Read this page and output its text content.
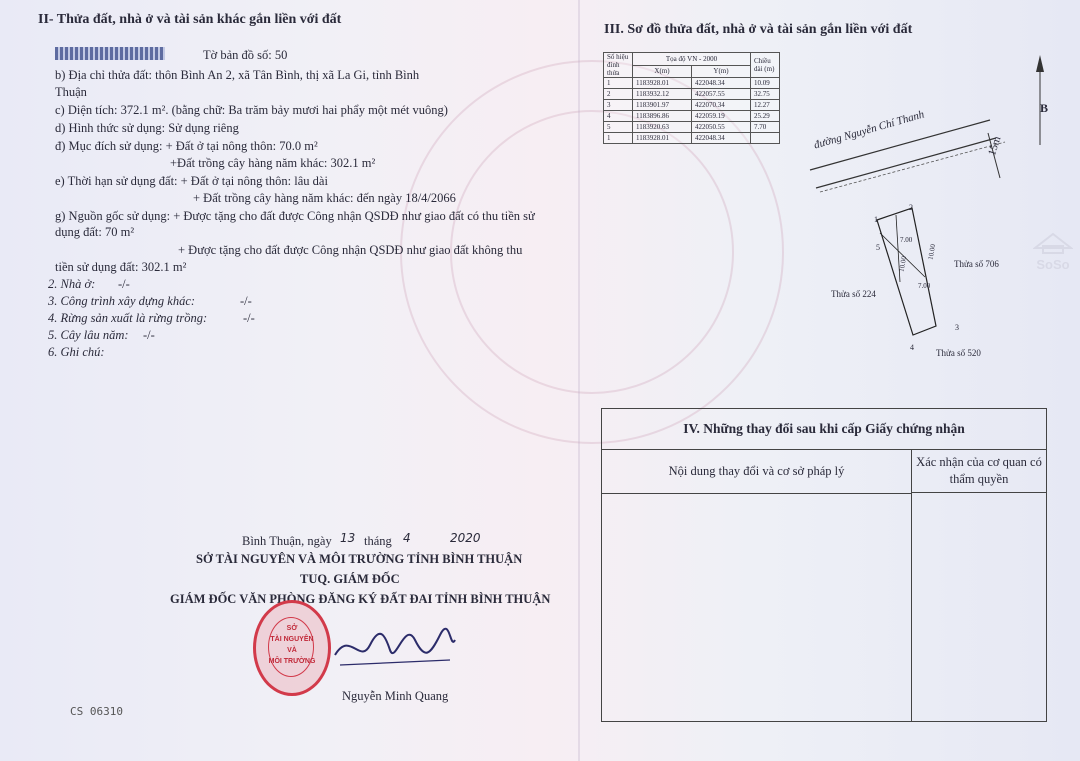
II- Thửa đất, nhà ở và tài sản khác gắn liền với đất
Tờ bản đồ số: 50
b) Địa chỉ thửa đất: thôn Bình An 2, xã Tân Bình, thị xã La Gi, tỉnh Bình
Thuận
c) Diện tích: 372.1 m². (bằng chữ: Ba trăm bảy mươi hai phẩy một mét vuông)
d) Hình thức sử dụng: Sử dụng riêng
đ) Mục đích sử dụng: + Đất ở tại nông thôn: 70.0 m²
+Đất trồng cây hàng năm khác: 302.1 m²
e) Thời hạn sử dụng đất: + Đất ở tại nông thôn: lâu dài
+ Đất trồng cây hàng năm khác: đến ngày 18/4/2066
g) Nguồn gốc sử dụng: + Được tặng cho đất được Công nhận QSDĐ như giao đất có thu tiền sử
dụng đất: 70 m²
+ Được tặng cho đất được Công nhận QSDĐ như giao đất không thu
tiền sử dụng đất: 302.1 m²
2. Nhà ở: -/-
3. Công trình xây dựng khác:	-/-
4. Rừng sản xuất là rừng trồng:	-/-
5. Cây lâu năm: -/-
6. Ghi chú:
Bình Thuận, ngày 13 tháng 4	2020
SỞ TÀI NGUYÊN VÀ MÔI TRƯỜNG TỈNH BÌNH THUẬN
TUQ. GIÁM ĐỐC
GIÁM ĐỐC VĂN PHÒNG ĐĂNG KÝ ĐẤT ĐAI TỈNH BÌNH THUẬN
SỞ
TÀI NGUYÊN
VÀ
MÔI TRƯỜNG
Nguyễn Minh Quang
CS 06310
III. Sơ đồ thửa đất, nhà ở và tài sản gắn liền với đất
Số hiệu đỉnh thửa	Tọa độ VN - 2000		Chiều dài (m)
	X(m)	Y(m)	
1	1183928.01	422048.34	10.09
2	1183932.12	422057.55	32.75
3	1183901.97	422070.34	12.27
4	1183896.86	422059.19	25.29
5	1183920.63	422050.55	7.70
1	1183928.01	422048.34		đường Nguyễn Chí Thanh	15m
B
Thửa số 706
Thửa số 224
Thửa số 520
7.00
10.00
10.00
7.00
1
2
3
4
5
SoSo
IV. Những thay đổi sau khi cấp Giấy chứng nhận
Nội dung thay đổi và cơ sở pháp lý
Xác nhận của cơ quan có thẩm quyền
